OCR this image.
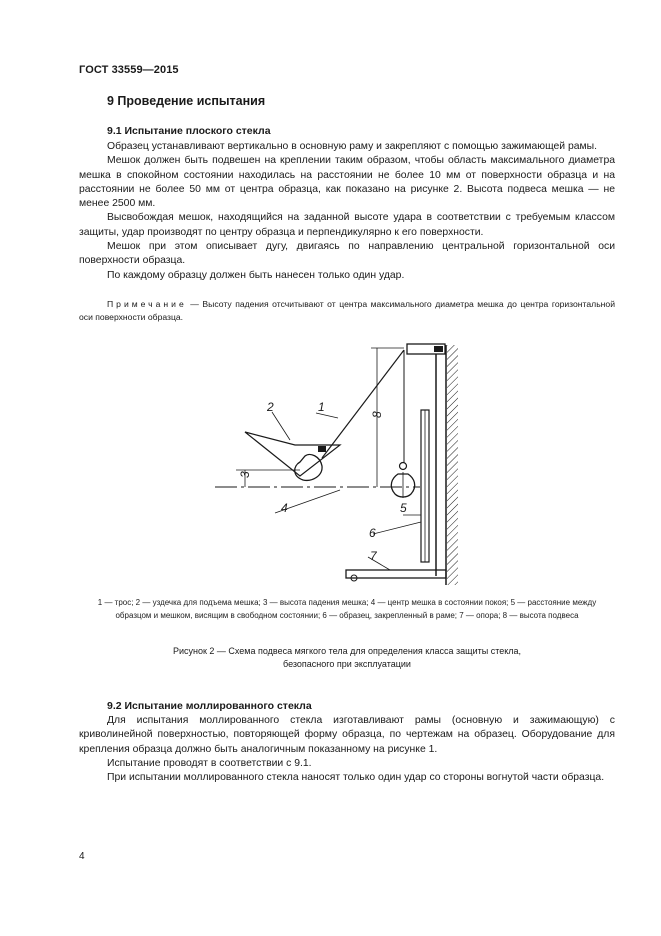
ГОСТ 33559—2015
9 Проведение испытания
9.1 Испытание плоского стекла
Образец устанавливают вертикально в основную раму и закрепляют с помощью зажимающей рамы.
Мешок должен быть подвешен на креплении таким образом, чтобы область максимального диаметра мешка в спокойном состоянии находилась на расстоянии не более 10 мм от поверхности образца и на расстоянии не более 50 мм от центра образца, как показано на рисунке 2. Высота подвеса мешка — не менее 2500 мм.
Высвобождая мешок, находящийся на заданной высоте удара в соответствии с требуемым классом защиты, удар производят по центру образца и перпендикулярно к его поверхности.
Мешок при этом описывает дугу, двигаясь по направлению центральной горизонтальной оси поверхности образца.
По каждому образцу должен быть нанесен только один удар.
Примечание — Высоту падения отсчитывают от центра максимального диаметра мешка до центра горизонтальной оси поверхности образца.
1
2
3
4	5
6
7
8
1 — трос; 2 — уздечка для подъема мешка; 3 — высота падения мешка; 4 — центр мешка в состоянии покоя; 5 — расстояние между образцом и мешком, висящим в свободном состоянии; 6 — образец, закрепленный в раме; 7 — опора; 8 — высота подвеса
Рисунок 2 — Схема подвеса мягкого тела для определения класса защиты стекла,
безопасного при эксплуатации
9.2 Испытание моллированного стекла
Для испытания моллированного стекла изготавливают рамы (основную и зажимающую) с криволинейной поверхностью, повторяющей форму образца, по чертежам на образец. Оборудование для крепления образца должно быть аналогичным показанному на рисунке 1.
Испытание проводят в соответствии с 9.1.
При испытании моллированного стекла наносят только один удар со стороны вогнутой части образца.
4
